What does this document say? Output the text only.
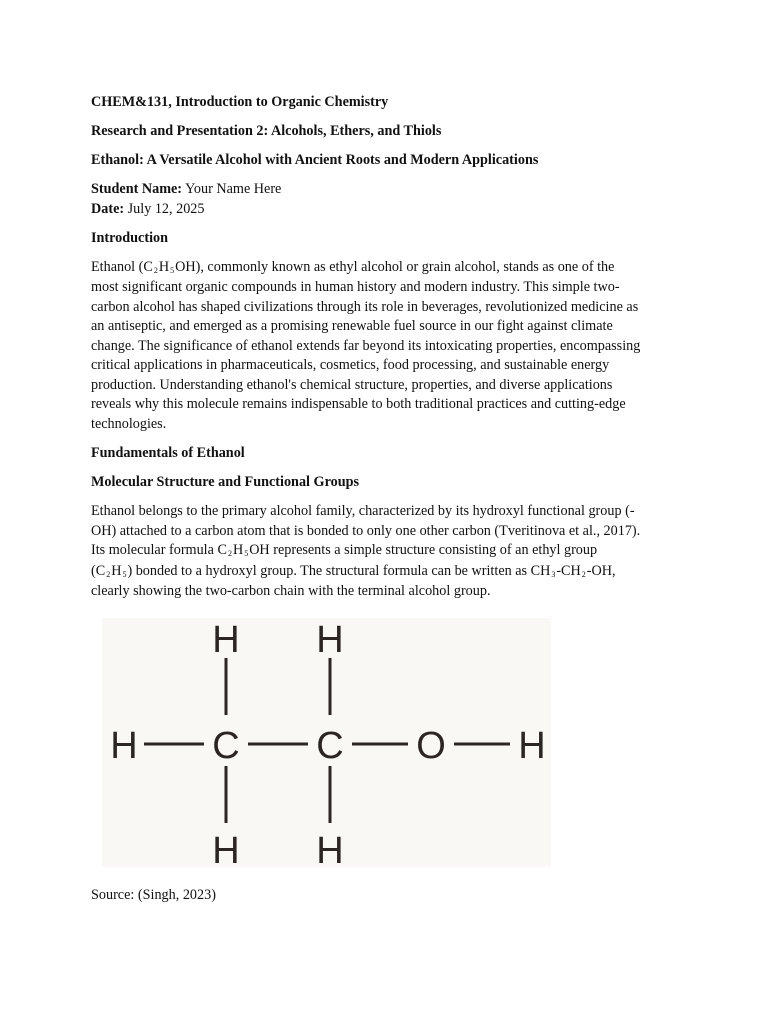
CHEM&131, Introduction to Organic Chemistry

Research and Presentation 2: Alcohols, Ethers, and Thiols

Ethanol: A Versatile Alcohol with Ancient Roots and Modern Applications

Student Name: Your Name Here

Date: July 12, 2025

Introduction

Ethanol $(C_2H_5OH)$, commonly known as ethyl alcohol or grain alcohol, stands as one of the
most significant organic compounds in human history and modern industry. This simple two-
carbon alcohol has shaped civilizations through its role in beverages, revolutionized medicine as
an antiseptic, and emerged as a promising renewable fuel source in our fight against climate
change. The significance of ethanol extends far beyond its intoxicating properties, encompassing
critical applications in pharmaceuticals, cosmetics, food processing, and sustainable energy
production. Understanding ethanol's chemical structure, properties, and diverse applications
reveals why this molecule remains indispensable to both traditional practices and cutting-edge
technologies.

Fundamentals of Ethanol

Molecular Structure and Functional Groups

Ethanol belongs to the primary alcohol family, characterized by its hydroxyl functional group (-
OH) attached to a carbon atom that is bonded to only one other carbon (Tveritinova et al., 2017).
Its molecular formula $C_2H_5OH$ represents a simple structure consisting of an ethyl group
$(C_2H_5)$ bonded to a hydroxyl group. The structural formula can be written as $CH_3-CH_2-OH$,
clearly showing the two-carbon chain with the terminal alcohol group.
H H
H C C O H
H H

Source: (Singh, 2023)
